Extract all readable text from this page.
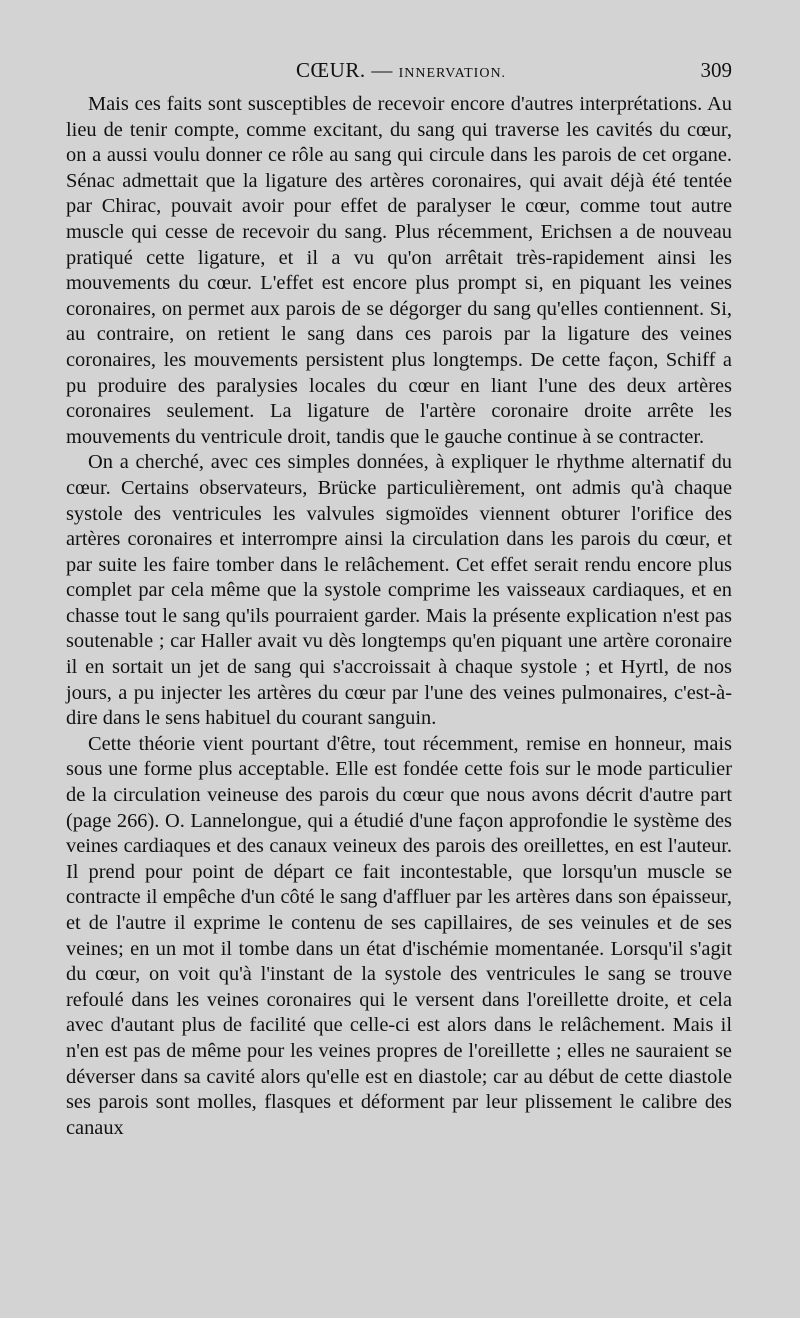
CŒUR. — INNERVATION.	309

Mais ces faits sont susceptibles de recevoir encore d'autres interprétations. Au lieu de tenir compte, comme excitant, du sang qui traverse les cavités du cœur, on a aussi voulu donner ce rôle au sang qui circule dans les parois de cet organe. Sénac admettait que la ligature des artères coronaires, qui avait déjà été tentée par Chirac, pouvait avoir pour effet de paralyser le cœur, comme tout autre muscle qui cesse de recevoir du sang. Plus récemment, Erichsen a de nouveau pratiqué cette ligature, et il a vu qu'on arrêtait très-rapidement ainsi les mouvements du cœur. L'effet est encore plus prompt si, en piquant les veines coronaires, on permet aux parois de se dégorger du sang qu'elles contiennent. Si, au contraire, on retient le sang dans ces parois par la ligature des veines coronaires, les mouvements persistent plus longtemps. De cette façon, Schiff a pu produire des paralysies locales du cœur en liant l'une des deux artères coronaires seulement. La ligature de l'artère coronaire droite arrête les mouvements du ventricule droit, tandis que le gauche continue à se contracter.

On a cherché, avec ces simples données, à expliquer le rhythme alternatif du cœur. Certains observateurs, Brücke particulièrement, ont admis qu'à chaque systole des ventricules les valvules sigmoïdes viennent obturer l'orifice des artères coronaires et interrompre ainsi la circulation dans les parois du cœur, et par suite les faire tomber dans le relâchement. Cet effet serait rendu encore plus complet par cela même que la systole comprime les vaisseaux cardiaques, et en chasse tout le sang qu'ils pourraient garder. Mais la présente explication n'est pas soutenable ; car Haller avait vu dès longtemps qu'en piquant une artère coronaire il en sortait un jet de sang qui s'accroissait à chaque systole ; et Hyrtl, de nos jours, a pu injecter les artères du cœur par l'une des veines pulmonaires, c'est-à-dire dans le sens habituel du courant sanguin.

Cette théorie vient pourtant d'être, tout récemment, remise en honneur, mais sous une forme plus acceptable. Elle est fondée cette fois sur le mode particulier de la circulation veineuse des parois du cœur que nous avons décrit d'autre part (page 266). O. Lannelongue, qui a étudié d'une façon approfondie le système des veines cardiaques et des canaux veineux des parois des oreillettes, en est l'auteur. Il prend pour point de départ ce fait incontestable, que lorsqu'un muscle se contracte il empêche d'un côté le sang d'affluer par les artères dans son épaisseur, et de l'autre il exprime le contenu de ses capillaires, de ses veinules et de ses veines; en un mot il tombe dans un état d'ischémie momentanée. Lorsqu'il s'agit du cœur, on voit qu'à l'instant de la systole des ventricules le sang se trouve refoulé dans les veines coronaires qui le versent dans l'oreillette droite, et cela avec d'autant plus de facilité que celle-ci est alors dans le relâchement. Mais il n'en est pas de même pour les veines propres de l'oreillette ; elles ne sauraient se déverser dans sa cavité alors qu'elle est en diastole; car au début de cette diastole ses parois sont molles, flasques et déforment par leur plissement le calibre des canaux
